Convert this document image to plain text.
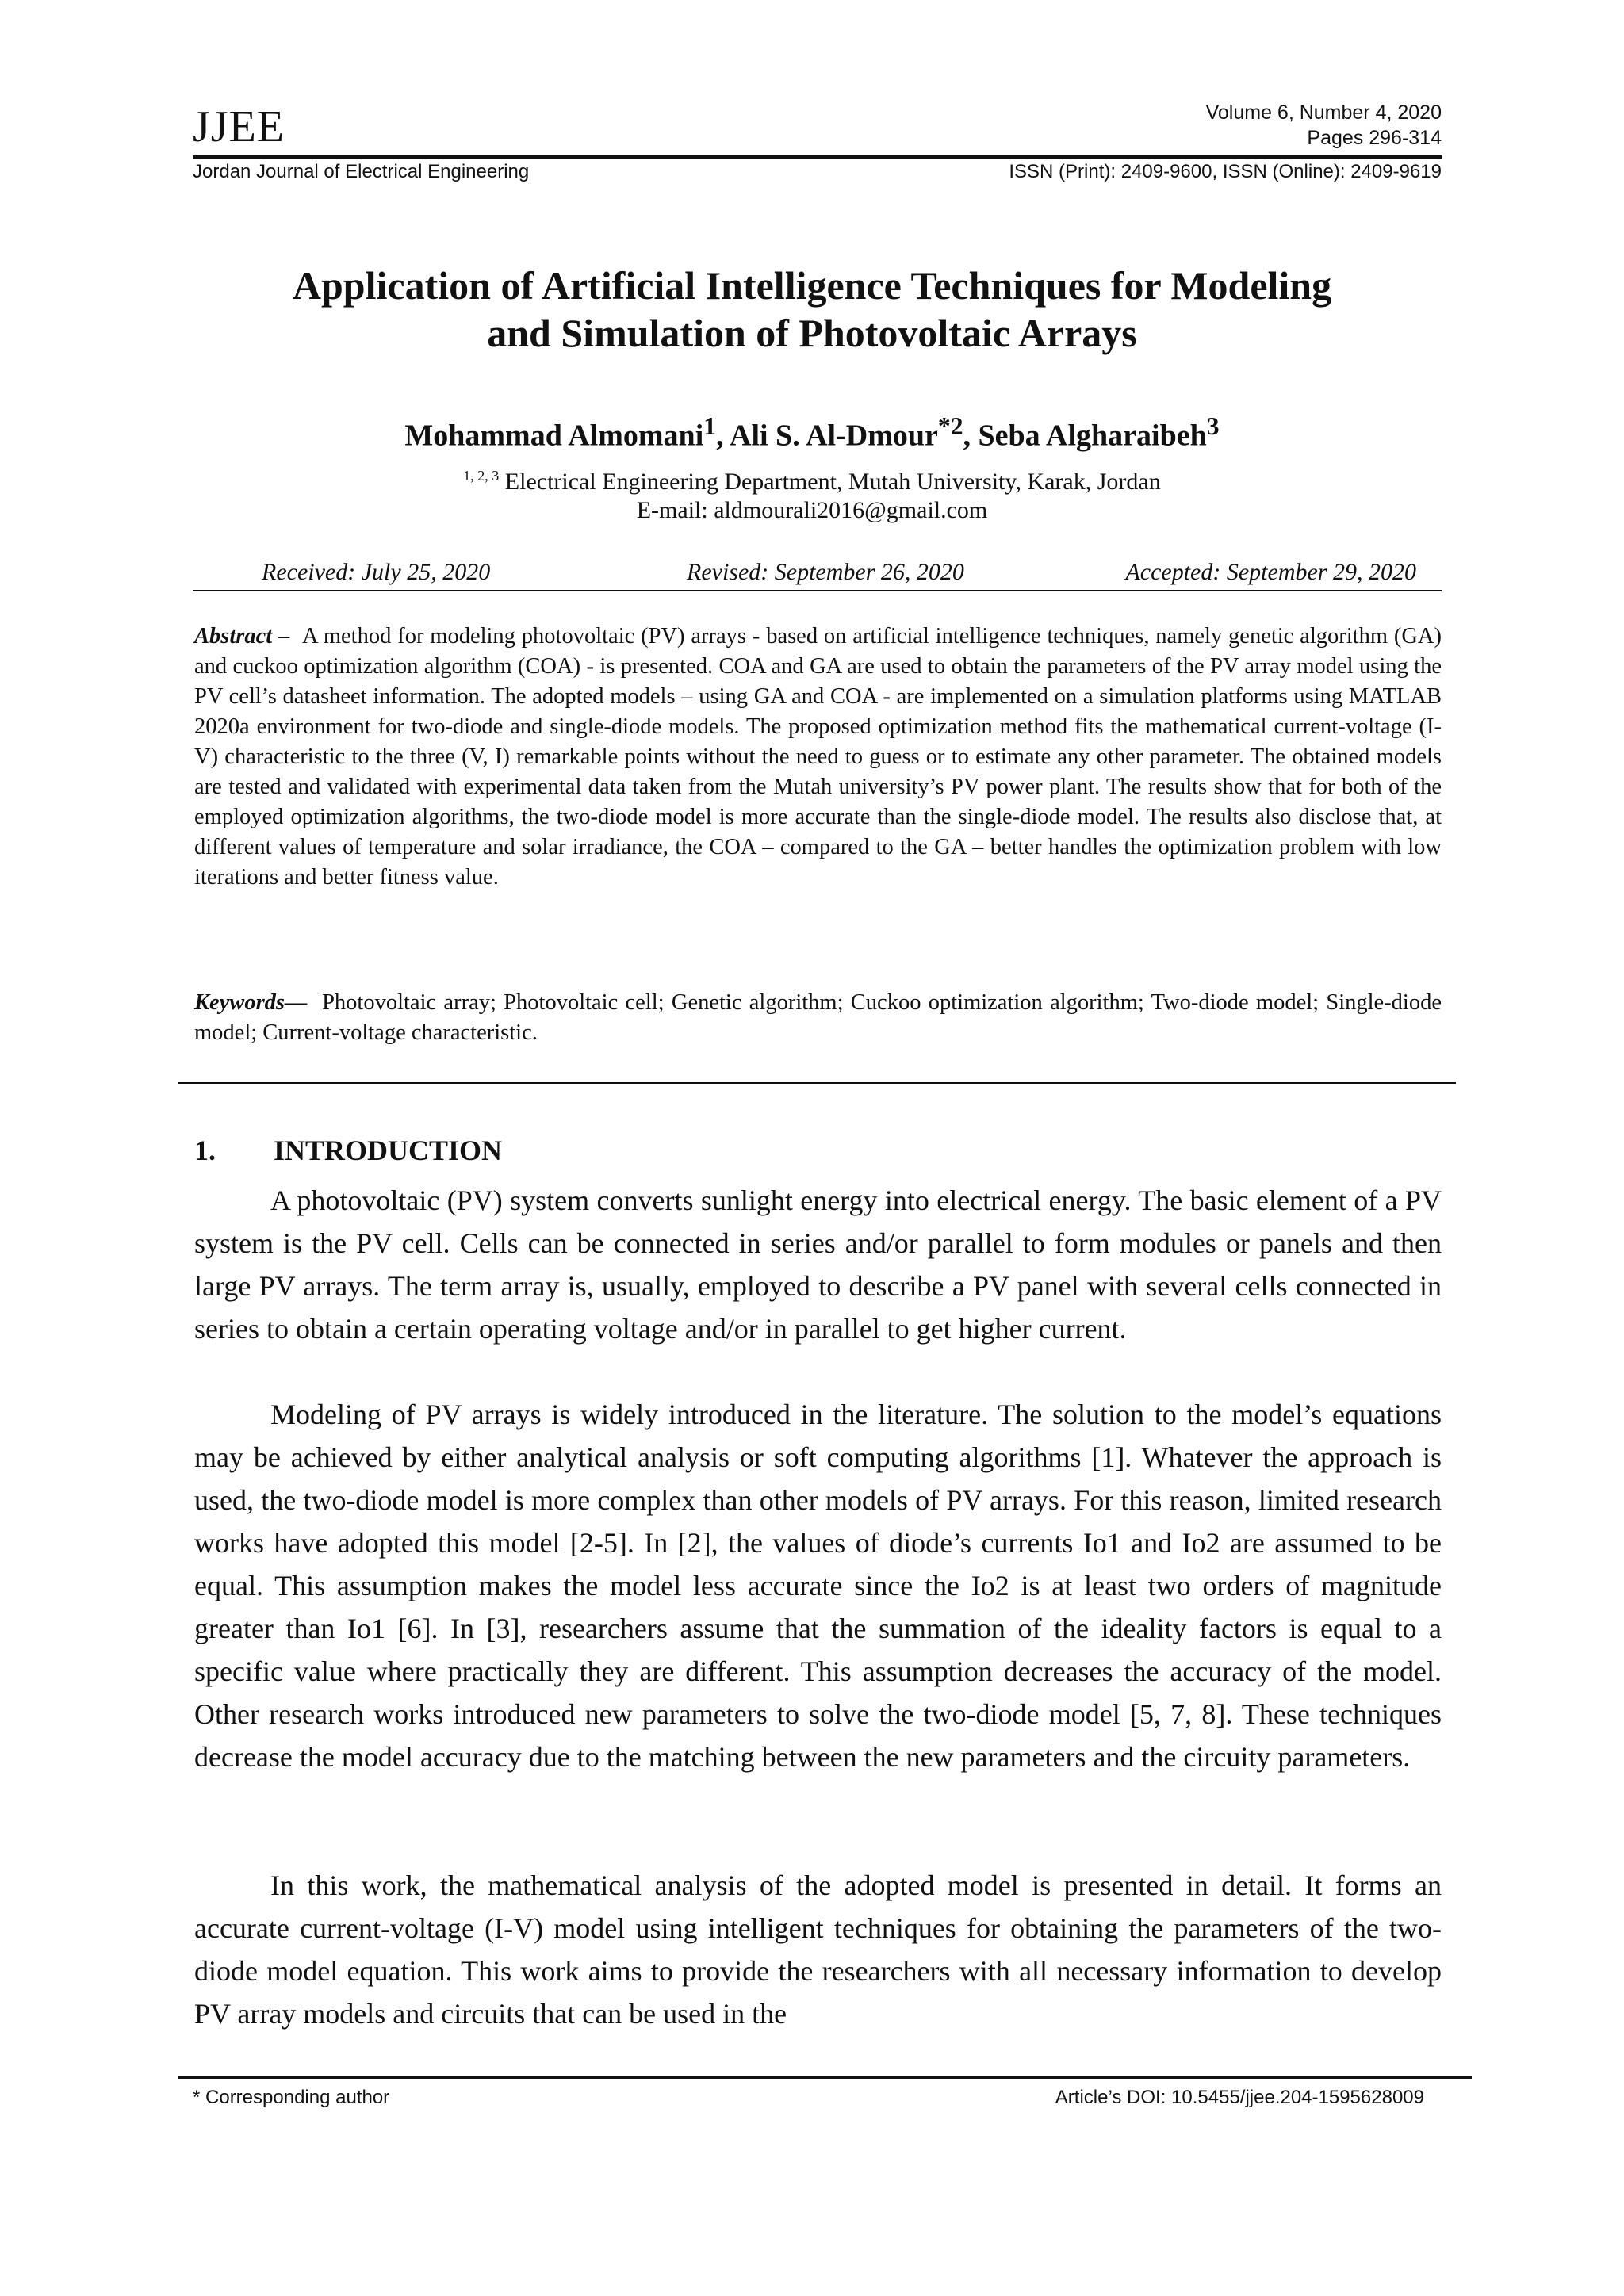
JJEE	Volume 6, Number 4, 2020
Pages 296-314
Jordan Journal of Electrical Engineering	ISSN (Print): 2409-9600, ISSN (Online): 2409-9619
Application of Artificial Intelligence Techniques for Modeling
and Simulation of Photovoltaic Arrays
Mohammad Almomani$^1$, Ali S. Al-Dmour$^{*2}$, Seba Algharaibeh$^3$
$^{1, 2, 3}$ Electrical Engineering Department, Mutah University, Karak, Jordan
E-mail: aldmourali2016@gmail.com
Received: July 25, 2020	Revised: September 26, 2020	Accepted: September 29, 2020
Abstract –  A method for modeling photovoltaic (PV) arrays - based on artificial intelligence techniques, namely genetic algorithm (GA) and cuckoo optimization algorithm (COA) - is presented. COA and GA are used to obtain the parameters of the PV array model using the PV cell’s datasheet information. The adopted models – using GA and COA - are implemented on a simulation platforms using MATLAB 2020a environment for two-diode and single-diode models. The proposed optimization method fits the mathematical current-voltage (I-V) characteristic to the three (V, I) remarkable points without the need to guess or to estimate any other parameter. The obtained models are tested and validated with experimental data taken from the Mutah university’s PV power plant. The results show that for both of the employed optimization algorithms, the two-diode model is more accurate than the single-diode model. The results also disclose that, at different values of temperature and solar irradiance, the COA – compared to the GA – better handles the optimization problem with low iterations and better fitness value.
Keywords— Photovoltaic array; Photovoltaic cell; Genetic algorithm; Cuckoo optimization algorithm; Two-diode model; Single-diode model; Current-voltage characteristic.
1. INTRODUCTION
A photovoltaic (PV) system converts sunlight energy into electrical energy. The basic element of a PV system is the PV cell. Cells can be connected in series and/or parallel to form modules or panels and then large PV arrays. The term array is, usually, employed to describe a PV panel with several cells connected in series to obtain a certain operating voltage and/or in parallel to get higher current.
Modeling of PV arrays is widely introduced in the literature. The solution to the model’s equations may be achieved by either analytical analysis or soft computing algorithms [1]. Whatever the approach is used, the two-diode model is more complex than other models of PV arrays. For this reason, limited research works have adopted this model [2-5]. In [2], the values of diode’s currents Io1 and Io2 are assumed to be equal. This assumption makes the model less accurate since the Io2 is at least two orders of magnitude greater than Io1 [6]. In [3], researchers assume that the summation of the ideality factors is equal to a specific value where practically they are different. This assumption decreases the accuracy of the model. Other research works introduced new parameters to solve the two-diode model [5, 7, 8]. These techniques decrease the model accuracy due to the matching between the new parameters and the circuity parameters.
In this work, the mathematical analysis of the adopted model is presented in detail. It forms an accurate current-voltage (I-V) model using intelligent techniques for obtaining the parameters of the two-diode model equation. This work aims to provide the researchers with all necessary information to develop PV array models and circuits that can be used in the
* Corresponding author	Article’s DOI: 10.5455/jjee.204-1595628009
